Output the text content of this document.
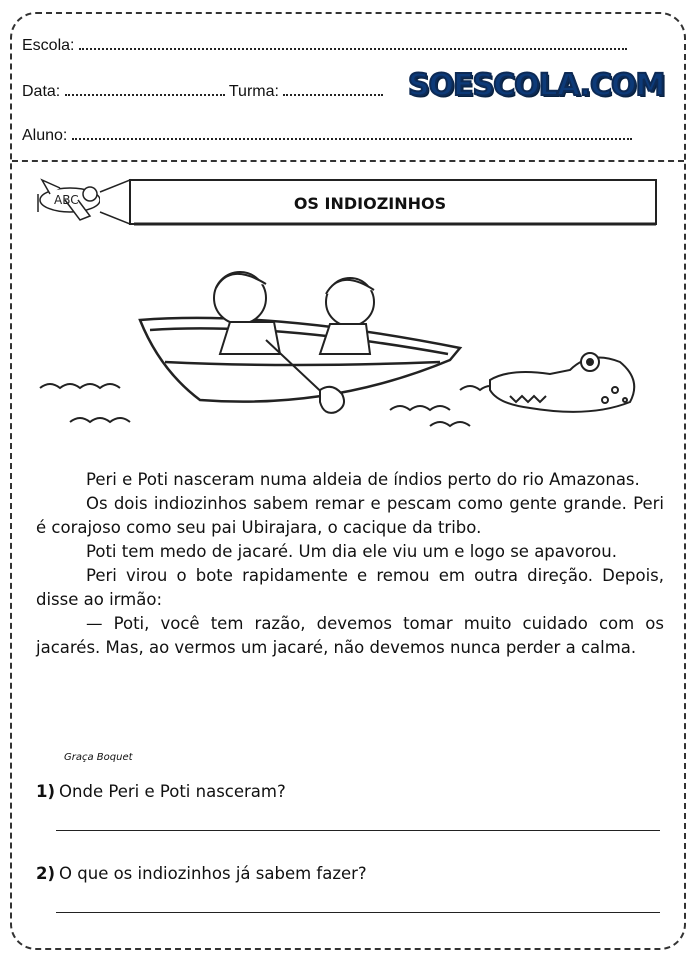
Escola:
Data:	Turma:	SOESCOLA.COM
Aluno:
ABC	OS INDIOZINHOS

Peri e Poti nasceram numa aldeia de índios perto do rio Amazonas.

Os dois indiozinhos sabem remar e pescam como gente grande. Peri é corajoso como seu pai Ubirajara, o cacique da tribo.

Poti tem medo de jacaré. Um dia ele viu um e logo se apavorou.

Peri virou o bote rapidamente e remou em outra direção. Depois, disse ao irmão:

— Poti, você tem razão, devemos tomar muito cuidado com os jacarés. Mas, ao vermos um jacaré, não devemos nunca perder a calma.

Graça Boquet
1) Onde Peri e Poti nasceram?
2) O que os indiozinhos já sabem fazer?
